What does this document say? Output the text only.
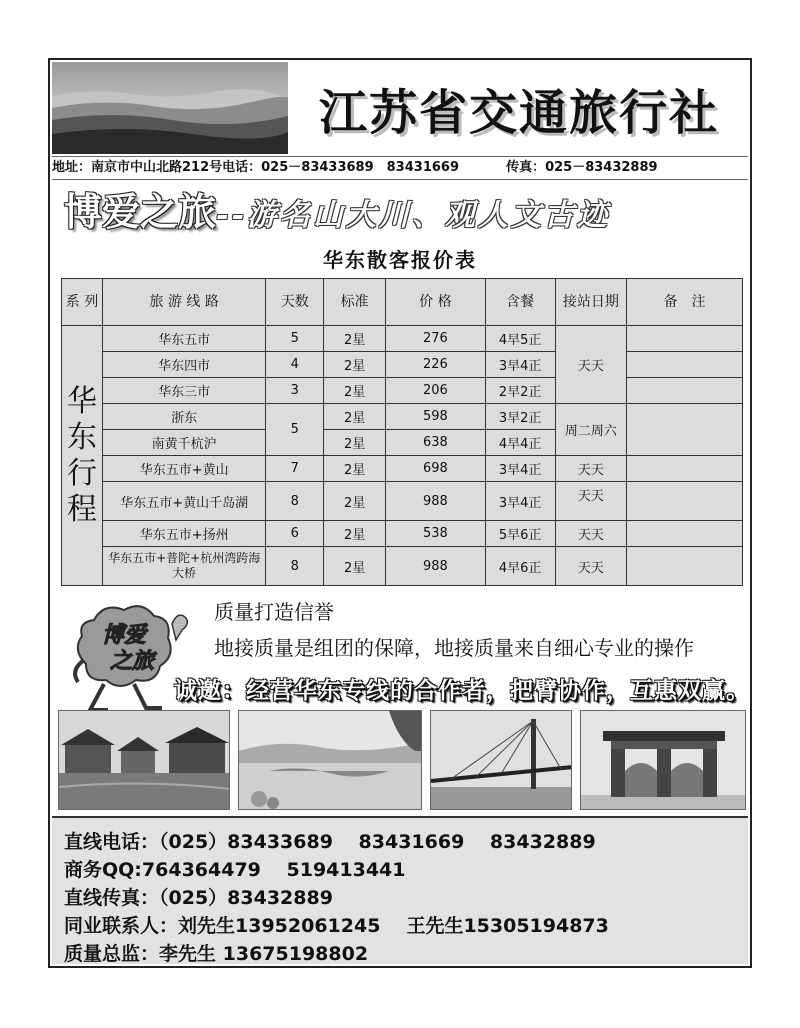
江苏省交通旅行社
地址：南京市中山北路212号电话：025－83433689　83431669	传真：025－83432889
博爱之旅--游名山大川、观人文古迹
华东散客报价表
系 列	旅 游 线 路	天数	标准	价 格	含餐	接站日期	备　注
华东行程	华东五市	5	2星	276	4早5正	天天	
	华东四市	4	2星	226	3早4正		
	华东三市	3	2星	206	2早2正		
	浙东	5	2星	598	3早2正	周二周六	
	南黄千杭沪		2星	638	4早4正		
	华东五市+黄山	7	2星	698	3早4正	天天	
	华东五市+黄山千岛湖	8	2星	988	3早4正	天天	
	华东五市+扬州	6	2星	538	5早6正	天天	
	华东五市+普陀+杭州湾跨海大桥	8	2星	988	4早6正	天天	
博爱
之旅
质量打造信誉
地接质量是组团的保障，地接质量来自细心专业的操作
诚邀：经营华东专线的合作者，把臂协作，互惠双赢。
直线电话：（025）83433689　 83431669　 83432889
商务QQ:764364479　 519413441
直线传真：（025）83432889
同业联系人：刘先生13952061245 王先生15305194873
质量总监：李先生 13675198802
